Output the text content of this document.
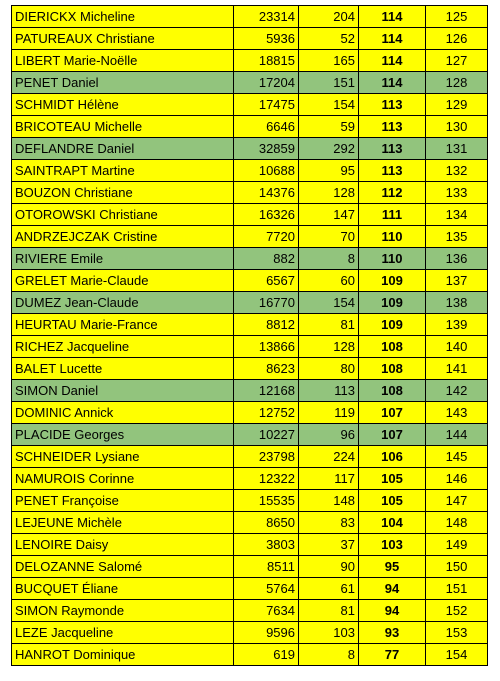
DIERICKX Micheline	23314	204	114	125
PATUREAUX Christiane	5936	52	114	126
LIBERT Marie-Noëlle	18815	165	114	127
PENET Daniel	17204	151	114	128
SCHMIDT Hélène	17475	154	113	129
BRICOTEAU Michelle	6646	59	113	130
DEFLANDRE Daniel	32859	292	113	131
SAINTRAPT Martine	10688	95	113	132
BOUZON Christiane	14376	128	112	133
OTOROWSKI Christiane	16326	147	111	134
ANDRZEJCZAK Cristine	7720	70	110	135
RIVIERE Emile	882	8	110	136
GRELET Marie-Claude	6567	60	109	137
DUMEZ Jean-Claude	16770	154	109	138
HEURTAU Marie-France	8812	81	109	139
RICHEZ Jacqueline	13866	128	108	140
BALET Lucette	8623	80	108	141
SIMON Daniel	12168	113	108	142
DOMINIC Annick	12752	119	107	143
PLACIDE Georges	10227	96	107	144
SCHNEIDER Lysiane	23798	224	106	145
NAMUROIS Corinne	12322	117	105	146
PENET Françoise	15535	148	105	147
LEJEUNE Michèle	8650	83	104	148
LENOIRE Daisy	3803	37	103	149
DELOZANNE Salomé	8511	90	95	150
BUCQUET Éliane	5764	61	94	151
SIMON Raymonde	7634	81	94	152
LEZE Jacqueline	9596	103	93	153
HANROT Dominique	619	8	77	154
